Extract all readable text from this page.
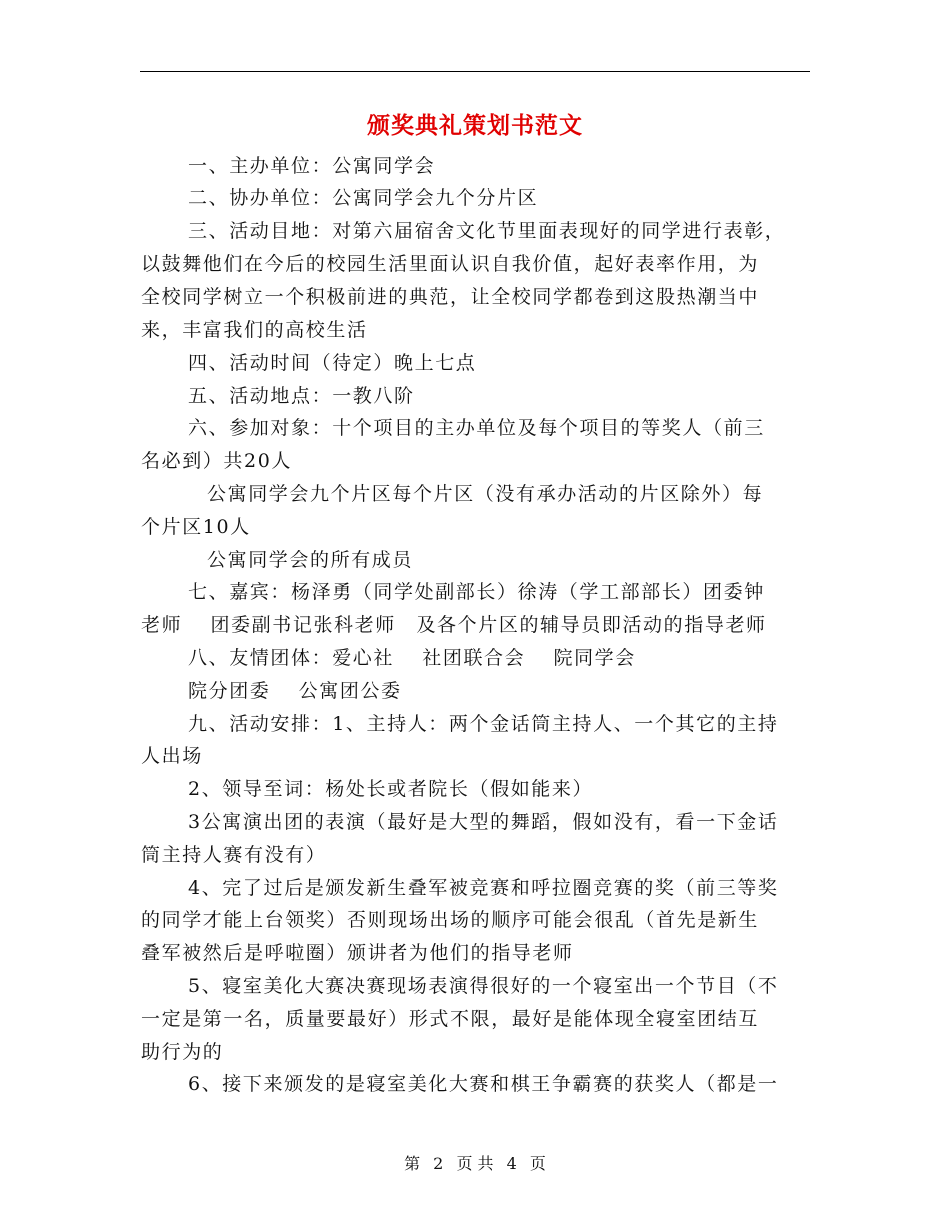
颁奖典礼策划书范文
一、主办单位：公寓同学会
二、协办单位：公寓同学会九个分片区
三、活动目地：对第六届宿舍文化节里面表现好的同学进行表彰，
以鼓舞他们在今后的校园生活里面认识自我价值，起好表率作用，为
全校同学树立一个积极前进的典范，让全校同学都卷到这股热潮当中
来，丰富我们的高校生活
四、活动时间（待定）晚上七点
五、活动地点：一教八阶
六、参加对象：十个项目的主办单位及每个项目的等奖人（前三
名必到）共20人
公寓同学会九个片区每个片区（没有承办活动的片区除外）每
个片区10人
公寓同学会的所有成员
七、嘉宾：杨泽勇（同学处副部长）徐涛（学工部部长）团委钟
老师　 团委副书记张科老师　及各个片区的辅导员即活动的指导老师
八、友情团体：爱心社　 社团联合会　 院同学会
院分团委　 公寓团公委
九、活动安排：1、主持人：两个金话筒主持人、一个其它的主持
人出场
2、领导至词：杨处长或者院长（假如能来）
3公寓演出团的表演（最好是大型的舞蹈，假如没有，看一下金话
筒主持人赛有没有）
4、完了过后是颁发新生叠军被竞赛和呼拉圈竞赛的奖（前三等奖
的同学才能上台领奖）否则现场出场的顺序可能会很乱（首先是新生
叠军被然后是呼啦圈）颁讲者为他们的指导老师
5、寝室美化大赛决赛现场表演得很好的一个寝室出一个节目（不
一定是第一名，质量要最好）形式不限，最好是能体现全寝室团结互
助行为的
6、接下来颁发的是寝室美化大赛和棋王争霸赛的获奖人（都是一
第 2 页 共 4 页
